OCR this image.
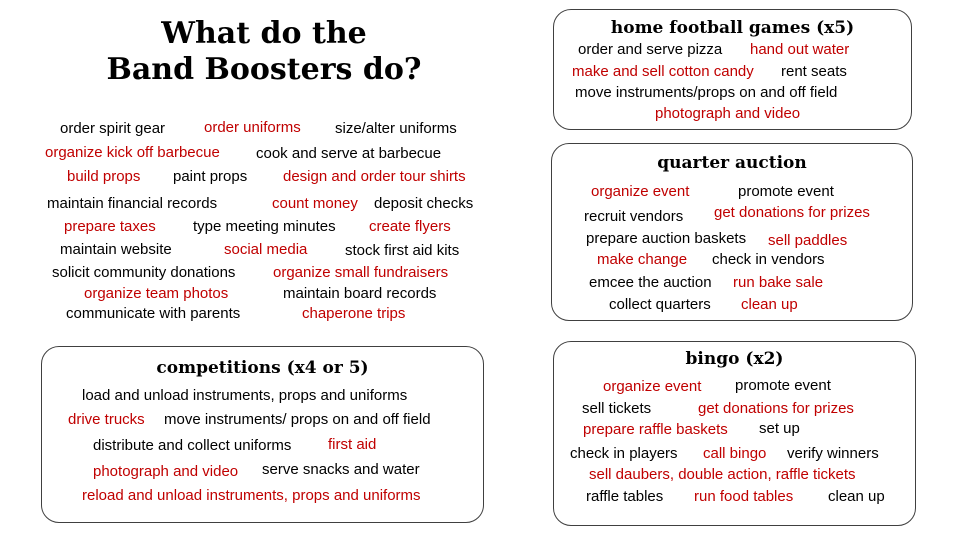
What do the
Band Boosters do?
order spirit gear	order uniforms size/alter uniforms
organize kick off barbecue cook and serve at barbecue
build props paint props design and order tour shirts
maintain financial records	count money deposit checks
prepare taxes type meeting minutes create flyers
maintain website	social media	stock first aid kits
solicit community donations	organize small fundraisers
organize team photos	maintain board records
communicate with parents	chaperone trips
competitions (x4 or 5)
load and unload instruments, props and uniforms
drive trucks move instruments/ props on and off field
distribute and collect uniforms first aid
photograph and video serve snacks and water
reload and unload instruments, props and uniforms
home football games (x5)
order and serve pizza hand out water
make and sell cotton candy rent seats
move instruments/props on and off field
photograph and video
quarter auction
organize event	promote event
recruit vendors get donations for prizes
prepare auction baskets sell paddles
make change check in vendors
emcee the auction run bake sale
collect quarters clean up
bingo (x2)
organize event promote event
sell tickets	get donations for prizes
prepare raffle baskets set up
check in players call bingo verify winners
sell daubers, double action, raffle tickets
raffle tables run food tables clean up
